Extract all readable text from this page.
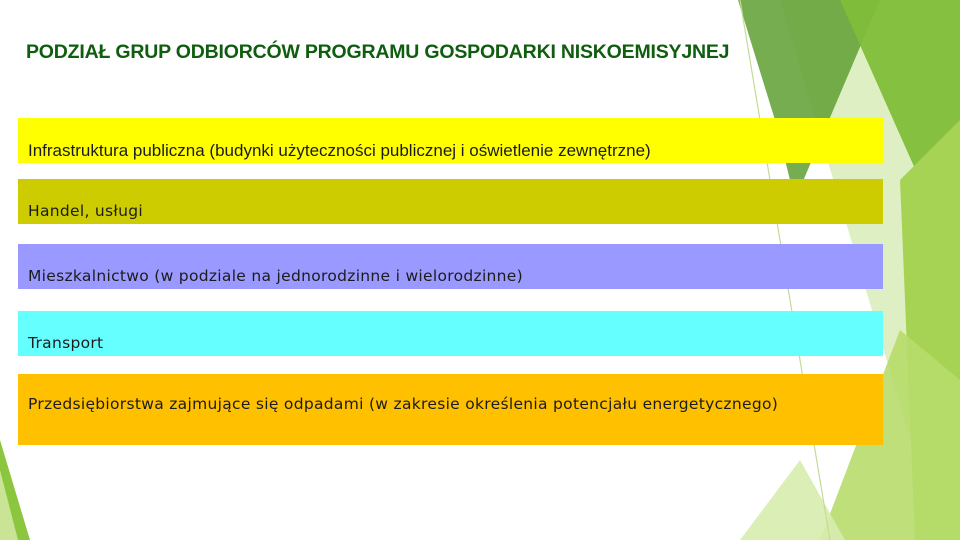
PODZIAŁ GRUP ODBIORCÓW PROGRAMU GOSPODARKI NISKOEMISYJNEJ
Infrastruktura publiczna (budynki użyteczności publicznej i oświetlenie zewnętrzne)
Handel, usługi
Mieszkalnictwo (w podziale na jednorodzinne i wielorodzinne)
Transport
Przedsiębiorstwa zajmujące się odpadami (w zakresie określenia potencjału energetycznego)
